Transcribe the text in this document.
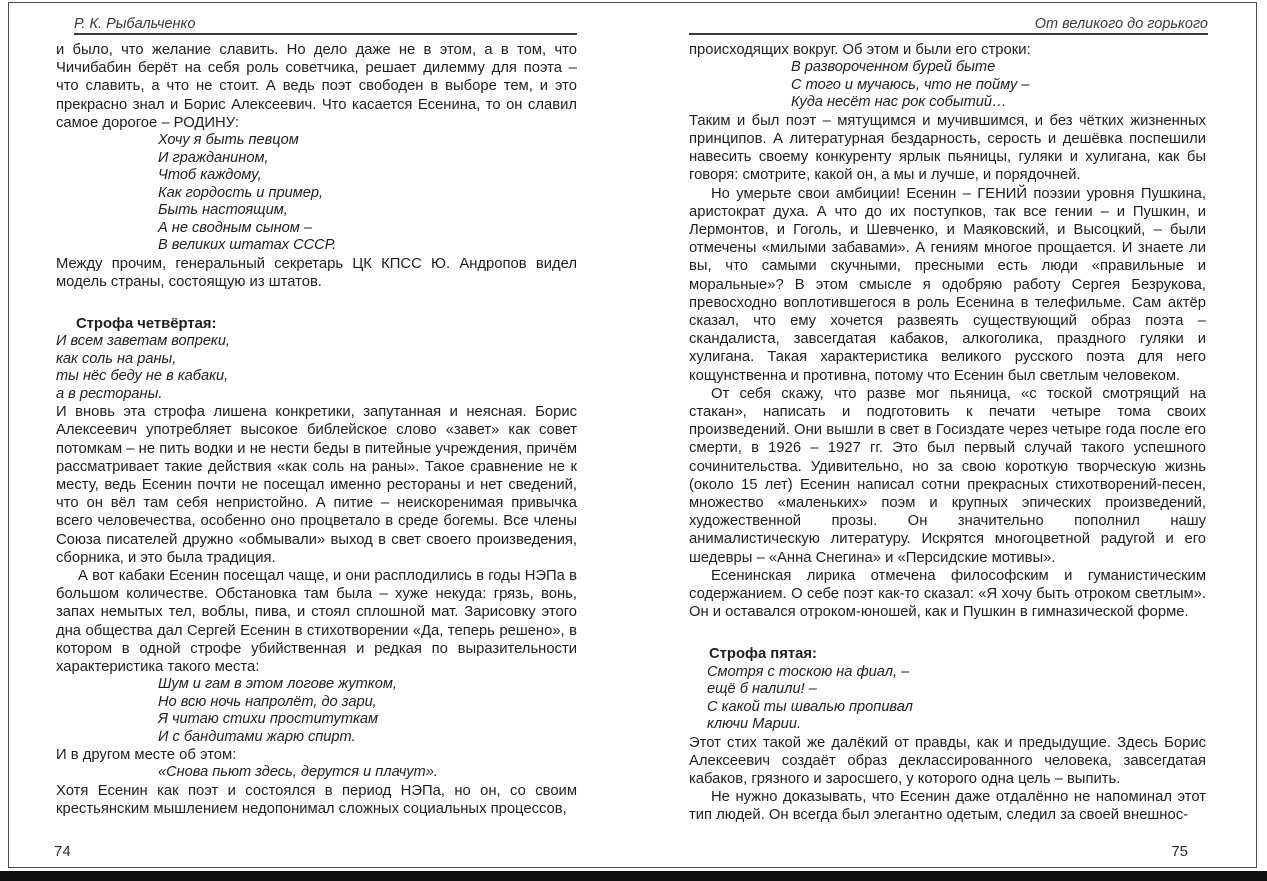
Р. К. Рыбальченко	От великого до горького

и было, что желание славить. Но дело даже не в этом, а в том, что Чичибабин берёт на себя роль советчика, решает дилемму для поэта – что славить, а что не стоит. А ведь поэт свободен в выборе тем, и это прекрасно знал и Борис Алексеевич. Что касается Есенина, то он славил самое дорогое – РОДИНУ:

Хочу я быть певцом
И гражданином,
Чтоб каждому,
Как гордость и пример,
Быть настоящим,
А не сводным сыном –
В великих штатах СССР.

Между прочим, генеральный секретарь ЦК КПСС Ю. Андропов видел модель страны, состоящую из штатов.

Строфа четвёртая:

И всем заветам вопреки,
как соль на раны,
ты нёс беду не в кабаки,
а в рестораны.

И вновь эта строфа лишена конкретики, запутанная и неясная. Борис Алексеевич употребляет высокое библейское слово «завет» как совет потомкам – не пить водки и не нести беды в питейные учреждения, причём рассматривает такие действия «как соль на раны». Такое сравнение не к месту, ведь Есенин почти не посещал именно рестораны и нет сведений, что он вёл там себя непристойно. А питие – неискоренимая привычка всего человечества, особенно оно процветало в среде богемы. Все члены Союза писателей дружно «обмывали» выход в свет своего произведения, сборника, и это была традиция.

А вот кабаки Есенин посещал чаще, и они расплодились в годы НЭПа в большом количестве. Обстановка там была – хуже некуда: грязь, вонь, запах немытых тел, воблы, пива, и стоял сплошной мат. Зарисовку этого дна общества дал Сергей Есенин в стихотворении «Да, теперь решено», в котором в одной строфе убийственная и редкая по выразительности характеристика такого места:

Шум и гам в этом логове жутком,
Но всю ночь напролёт, до зари,
Я читаю стихи проституткам
И с бандитами жарю спирт.

И в другом месте об этом:

«Снова пьют здесь, дерутся и плачут».

Хотя Есенин как поэт и состоялся в период НЭПа, но он, со своим крестьянским мышлением недопонимал сложных социальных процессов,

происходящих вокруг. Об этом и были его строки:

В развороченном бурей быте
С того и мучаюсь, что не пойму –
Куда несёт нас рок событий…

Таким и был поэт – мятущимся и мучившимся, и без чётких жизненных принципов. А литературная бездарность, серость и дешёвка поспешили навесить своему конкуренту ярлык пьяницы, гуляки и хулигана, как бы говоря: смотрите, какой он, а мы и лучше, и порядочней.

Но умерьте свои амбиции! Есенин – ГЕНИЙ поэзии уровня Пушкина, аристократ духа. А что до их поступков, так все гении – и Пушкин, и Лермонтов, и Гоголь, и Шевченко, и Маяковский, и Высоцкий, – были отмечены «милыми забавами». А гениям многое прощается. И знаете ли вы, что самыми скучными, пресными есть люди «правильные и моральные»? В этом смысле я одобряю работу Сергея Безрукова, превосходно воплотившегося в роль Есенина в телефильме. Сам актёр сказал, что ему хочется развеять существующий образ поэта – скандалиста, завсегдатая кабаков, алкоголика, праздного гуляки и хулигана. Такая характеристика великого русского поэта для него кощунственна и противна, потому что Есенин был светлым человеком.

От себя скажу, что разве мог пьяница, «с тоской смотрящий на стакан», написать и подготовить к печати четыре тома своих произведений. Они вышли в свет в Госиздате через четыре года после его смерти, в 1926 – 1927 гг. Это был первый случай такого успешного сочинительства. Удивительно, но за свою короткую творческую жизнь (около 15 лет) Есенин написал сотни прекрасных стихотворений-песен, множество «маленьких» поэм и крупных эпических произведений, художественной прозы. Он значительно пополнил нашу анималистическую литературу. Искрятся многоцветной радугой и его шедевры – «Анна Снегина» и «Персидские мотивы».

Есенинская лирика отмечена философским и гуманистическим содержанием. О себе поэт как-то сказал: «Я хочу быть отроком светлым». Он и оставался отроком-юношей, как и Пушкин в гимназической форме.

Строфа пятая:

Смотря с тоскою на фиал, –
ещё б налили! –
С какой ты швалью пропивал
ключи Марии.

Этот стих такой же далёкий от правды, как и предыдущие. Здесь Борис Алексеевич создаёт образ деклассированного человека, завсегдатая кабаков, грязного и заросшего, у которого одна цель – выпить.

Не нужно доказывать, что Есенин даже отдалённо не напоминал этот тип людей. Он всегда был элегантно одетым, следил за своей внешнос-

74	75
